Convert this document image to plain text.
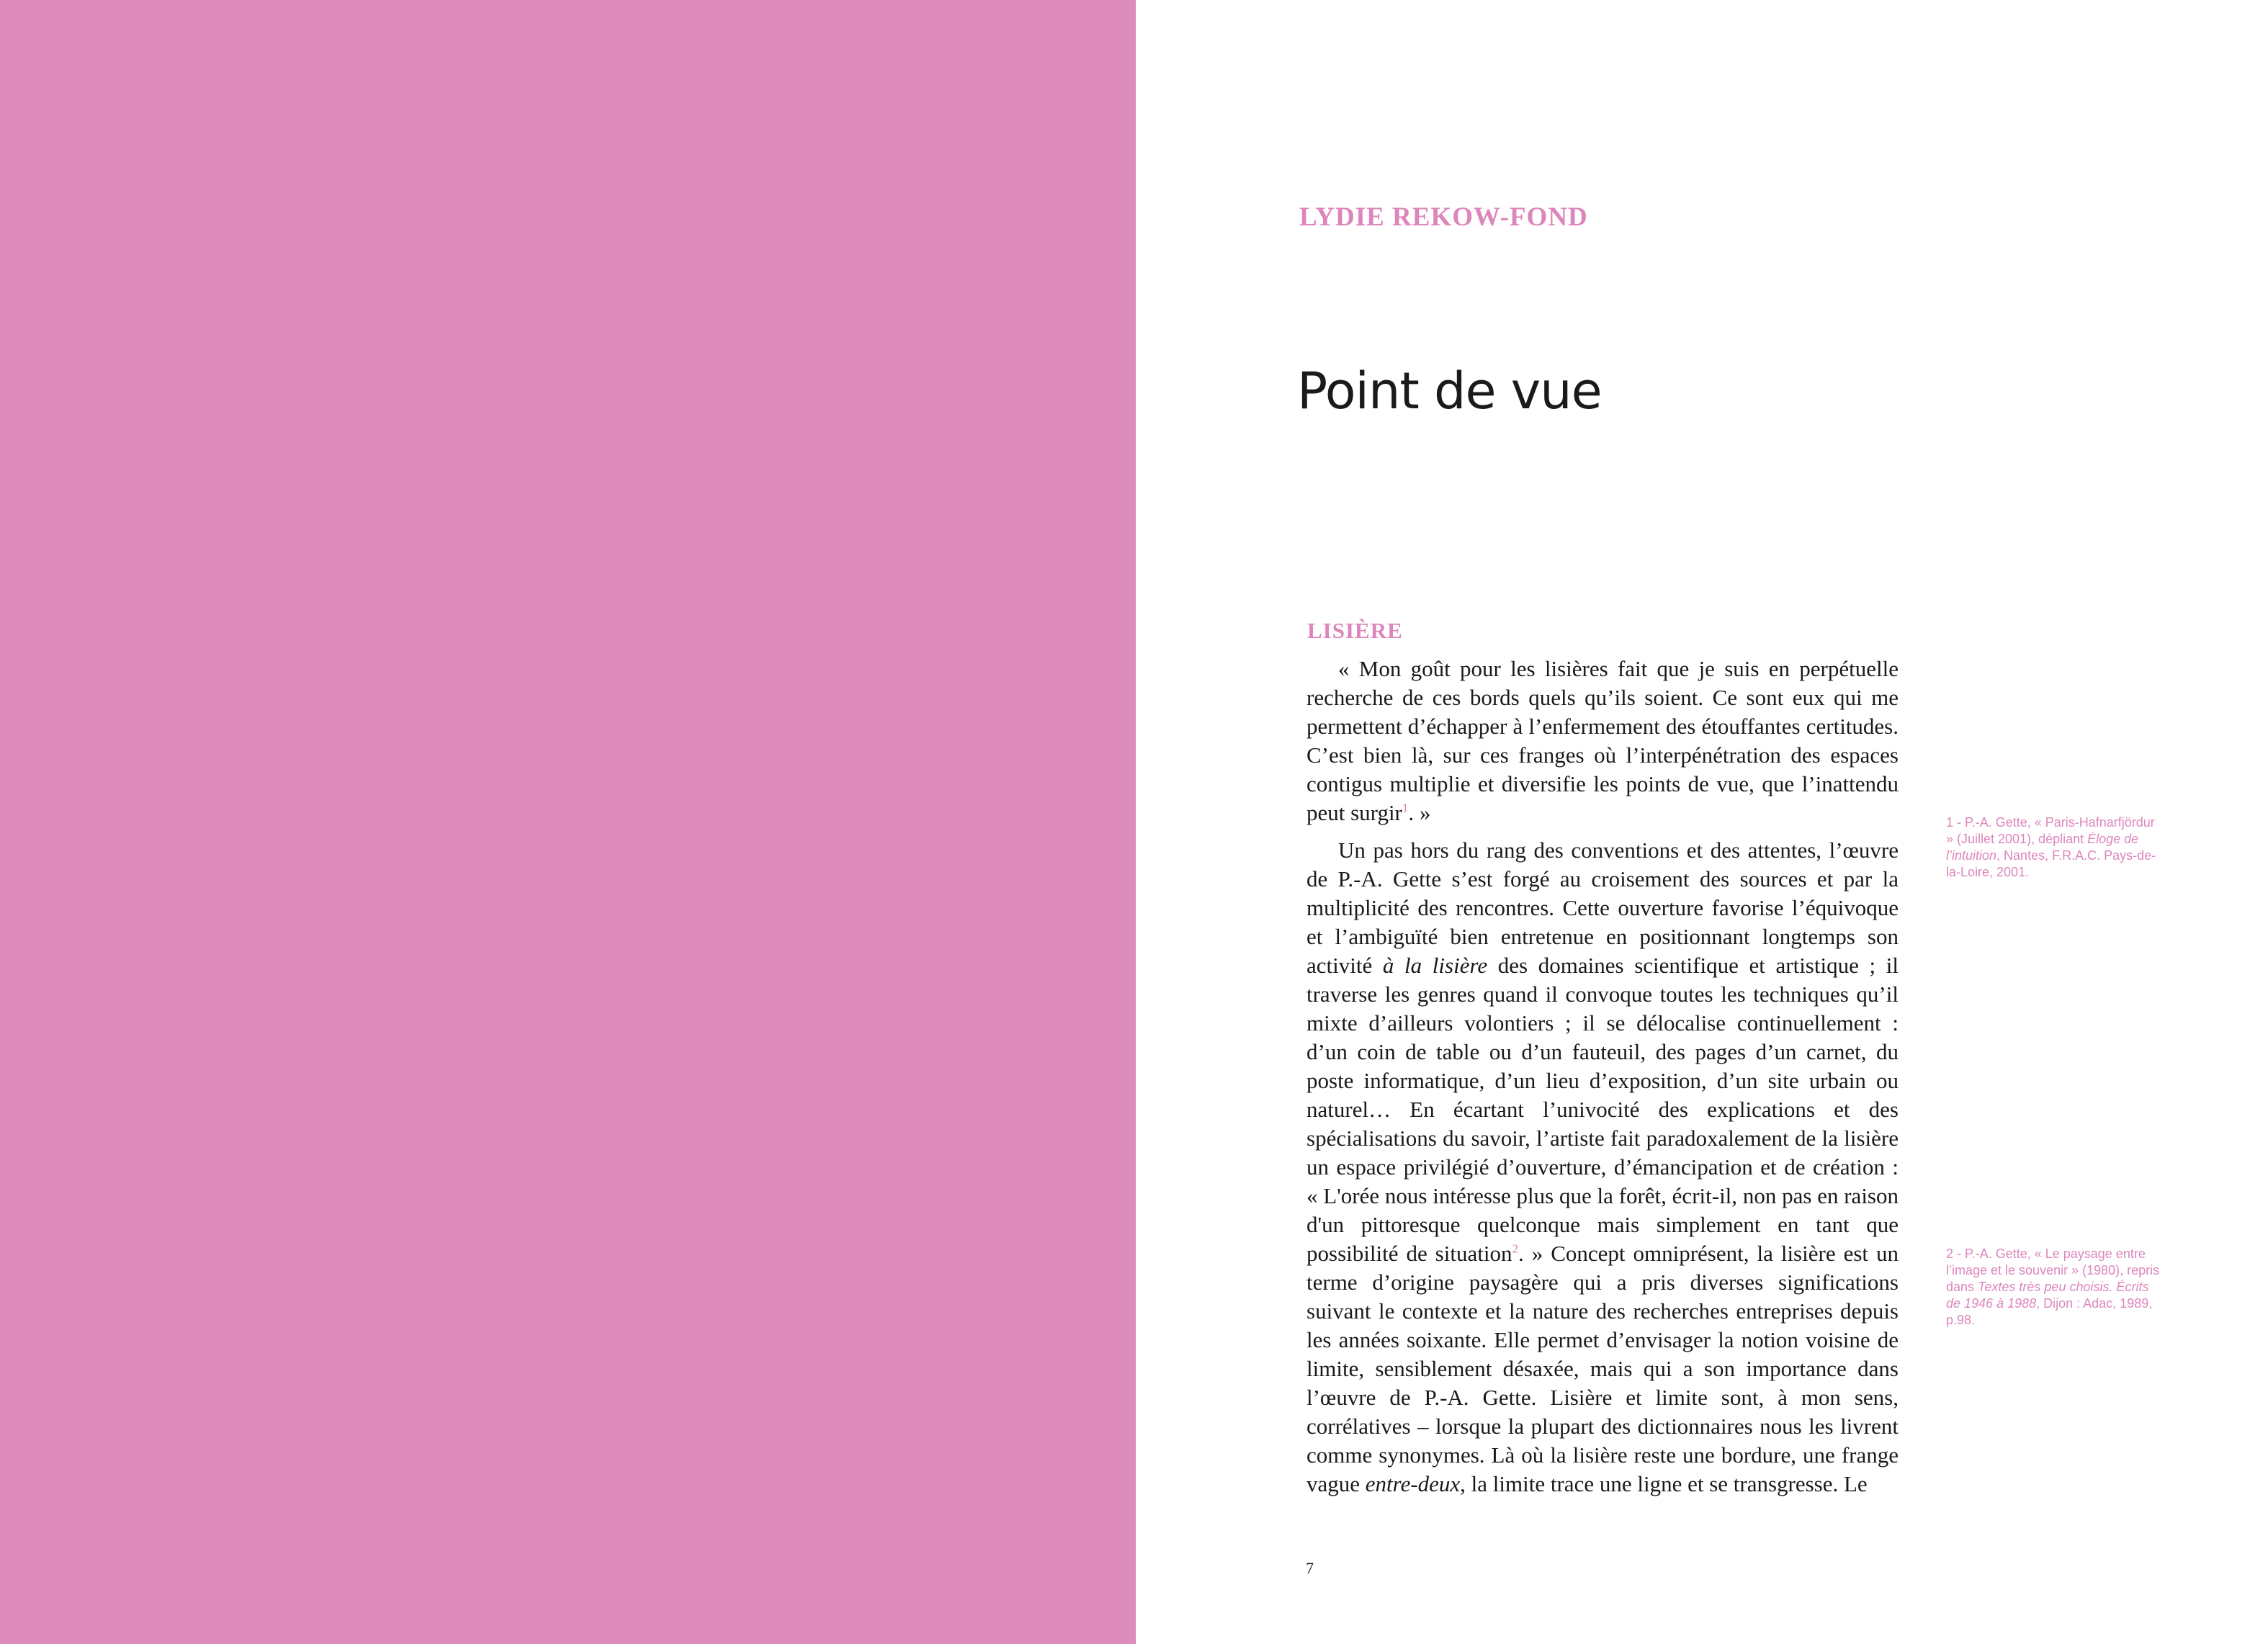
LYDIE REKOW-FOND
Point de vue
LISIÈRE

« Mon goût pour les lisières fait que je suis en perpétuelle recherche de ces bords quels qu’ils soient. Ce sont eux qui me permettent d’échapper à l’enfermement des étouffantes certitudes. C’est bien là, sur ces franges où l’interpénétration des espaces contigus multiplie et diversifie les points de vue, que l’inattendu peut surgir$^1$. »

Un pas hors du rang des conventions et des attentes, l’œuvre de P.-A. Gette s’est forgé au croisement des sources et par la multiplicité des rencontres. Cette ouverture favorise l’équivoque et l’ambiguïté bien entretenue en positionnant longtemps son activité à la lisière des domaines scientifique et artistique ; il traverse les genres quand il convoque toutes les techniques qu’il mixte d’ailleurs volontiers ; il se délocalise continuellement : d’un coin de table ou d’un fauteuil, des pages d’un carnet, du poste informatique, d’un lieu d’exposition, d’un site urbain ou naturel… En écartant l’univocité des explications et des spécialisations du savoir, l’artiste fait paradoxalement de la lisière un espace privilégié d’ouverture, d’émancipation et de création : « L'orée nous intéresse plus que la forêt, écrit-il, non pas en raison d'un pittoresque quelconque mais simplement en tant que possibilité de situation$^2$. » Concept omniprésent, la lisière est un terme d’origine paysagère qui a pris diverses significations suivant le contexte et la nature des recherches entreprises depuis les années soixante. Elle permet d’envisager la notion voisine de limite, sensiblement désaxée, mais qui a son importance dans l’œuvre de P.-A. Gette. Lisière et limite sont, à mon sens, corrélatives – lorsque la plupart des dictionnaires nous les livrent comme synonymes. Là où la lisière reste une bordure, une frange vague entre-deux, la limite trace une ligne et se transgresse. Le

1 - P.-A. Gette, « Paris-Hafnarfjördur » (Juillet 2001), dépliant Éloge de l’intuition, Nantes, F.R.A.C. Pays-de-la-Loire, 2001.

2 - P.-A. Gette, « Le paysage entre l’image et le souvenir » (1980), repris dans Textes très peu choisis. Écrits de 1946 à 1988, Dijon : Adac, 1989, p.98.

7
